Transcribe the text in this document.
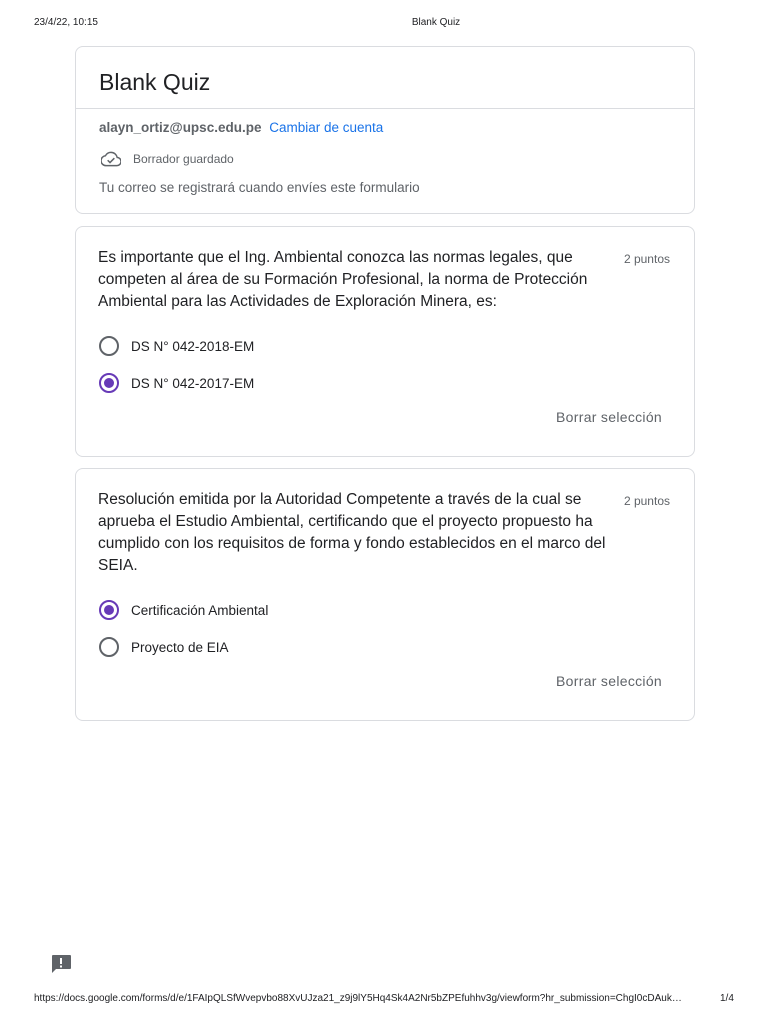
23/4/22, 10:15	Blank Quiz
Blank Quiz
alayn_ortiz@upsc.edu.pe Cambiar de cuenta
Borrador guardado
Tu correo se registrará cuando envíes este formulario
Es importante que el Ing. Ambiental conozca las normas legales, que competen al área de su Formación Profesional, la norma de Protección Ambiental para las Actividades de Exploración Minera, es:
2 puntos
DS N° 042-2018-EM
DS N° 042-2017-EM
Borrar selección
Resolución emitida por la Autoridad Competente a través de la cual se aprueba el Estudio Ambiental, certificando que el proyecto propuesto ha cumplido con los requisitos de forma y fondo establecidos en el marco del SEIA.
2 puntos
Certificación Ambiental
Proyecto de EIA
Borrar selección
https://docs.google.com/forms/d/e/1FAIpQLSfWvepvbo88XvUJza21_z9j9lY5Hq4Sk4A2Nr5bZPEfuhhv3g/viewform?hr_submission=ChgI0cDAuk…	1/4
